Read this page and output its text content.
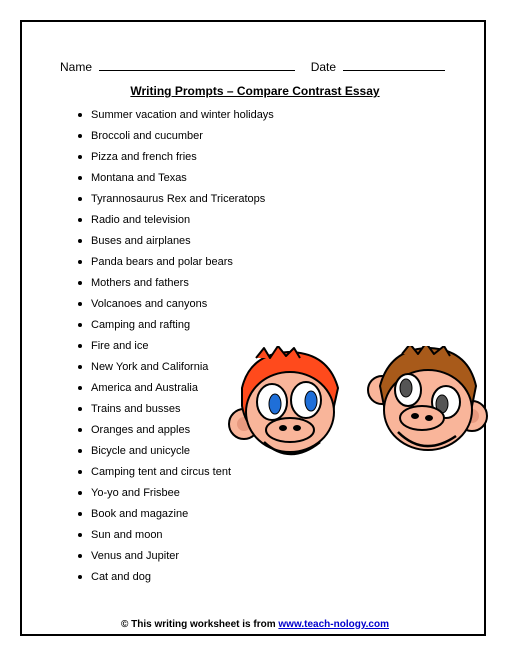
Name	Date
Writing Prompts – Compare Contrast Essay
Summer vacation and winter holidays
Broccoli and cucumber
Pizza and french fries
Montana and Texas
Tyrannosaurus Rex and Triceratops
Radio and television
Buses and airplanes
Panda bears and polar bears
Mothers and fathers
Volcanoes and canyons
Camping and rafting
Fire and ice
New York and California
America and Australia
Trains and busses
Oranges and apples
Bicycle and unicycle
Camping tent and circus tent
Yo-yo and Frisbee
Book and magazine
Sun and moon
Venus and Jupiter
Cat and dog
© This writing worksheet is from www.teach-nology.com
